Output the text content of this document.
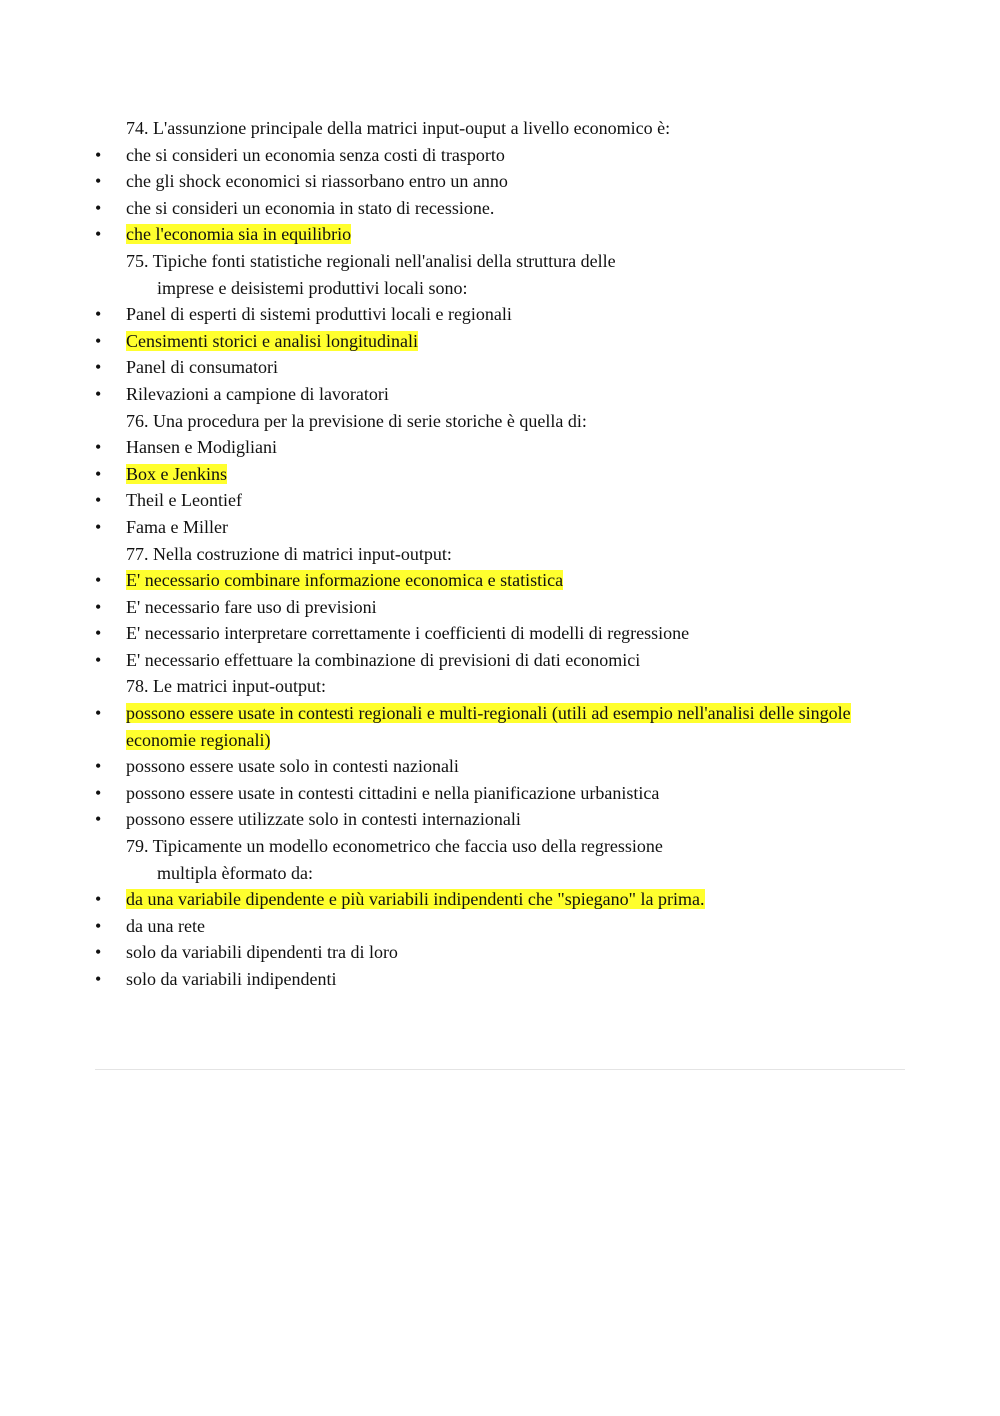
74. L'assunzione principale della matrici input-ouput a livello economico è:
• che si consideri un economia senza costi di trasporto
• che gli shock economici si riassorbano entro un anno
• che si consideri un economia in stato di recessione.
• che l'economia sia in equilibrio
75. Tipiche fonti statistiche regionali nell'analisi della struttura delle
imprese e deisistemi produttivi locali sono:
• Panel di esperti di sistemi produttivi locali e regionali
• Censimenti storici e analisi longitudinali
• Panel di consumatori
• Rilevazioni a campione di lavoratori
76. Una procedura per la previsione di serie storiche è quella di:
• Hansen e Modigliani
• Box e Jenkins
• Theil e Leontief
• Fama e Miller
77. Nella costruzione di matrici input-output:
• E' necessario combinare informazione economica e statistica
• E' necessario fare uso di previsioni
• E' necessario interpretare correttamente i coefficienti di modelli di regressione
• E' necessario effettuare la combinazione di previsioni di dati economici
78. Le matrici input-output:
• possono essere usate in contesti regionali e multi-regionali (utili ad esempio nell'analisi delle singole economie regionali)
• possono essere usate solo in contesti nazionali
• possono essere usate in contesti cittadini e nella pianificazione urbanistica
• possono essere utilizzate solo in contesti internazionali
79. Tipicamente un modello econometrico che faccia uso della regressione
multipla èformato da:
• da una variabile dipendente e più variabili indipendenti che "spiegano" la prima.
• da una rete
• solo da variabili dipendenti tra di loro
• solo da variabili indipendenti
